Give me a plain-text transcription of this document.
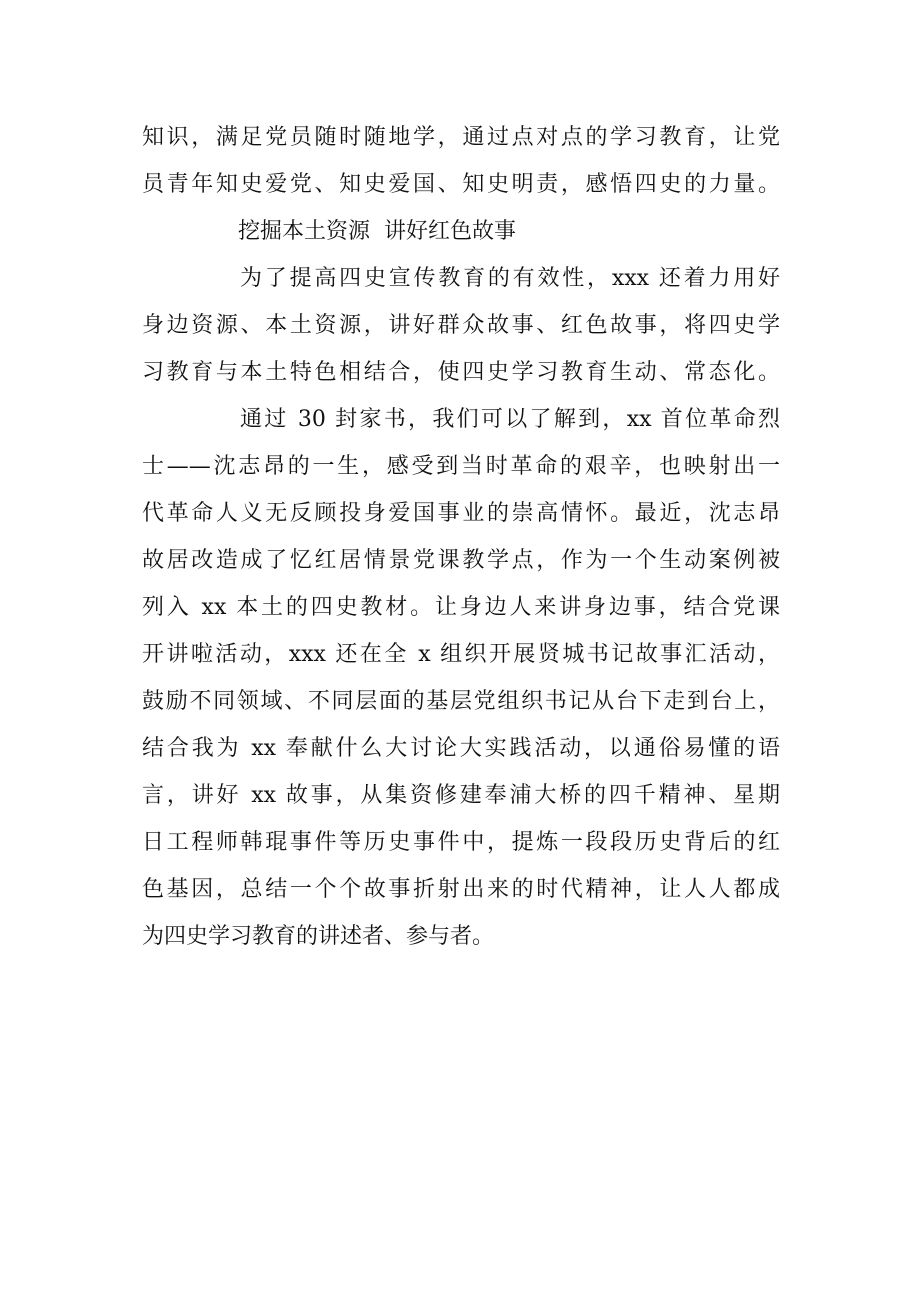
知识，满足党员随时随地学，通过点对点的学习教育，让党
员青年知史爱党、知史爱国、知史明责，感悟四史的力量。
挖掘本土资源  讲好红色故事
为了提高四史宣传教育的有效性，xxx 还着力用好
身边资源、本土资源，讲好群众故事、红色故事，将四史学
习教育与本土特色相结合，使四史学习教育生动、常态化。
通过 30 封家书，我们可以了解到，xx 首位革命烈
士——沈志昂的一生，感受到当时革命的艰辛，也映射出一
代革命人义无反顾投身爱国事业的崇高情怀。最近，沈志昂
故居改造成了忆红居情景党课教学点，作为一个生动案例被
列入 xx 本土的四史教材。让身边人来讲身边事，结合党课
开讲啦活动，xxx 还在全 x 组织开展贤城书记故事汇活动，
鼓励不同领域、不同层面的基层党组织书记从台下走到台上，
结合我为 xx 奉献什么大讨论大实践活动，以通俗易懂的语
言，讲好 xx 故事，从集资修建奉浦大桥的四千精神、星期
日工程师韩琨事件等历史事件中，提炼一段段历史背后的红
色基因，总结一个个故事折射出来的时代精神，让人人都成
为四史学习教育的讲述者、参与者。
